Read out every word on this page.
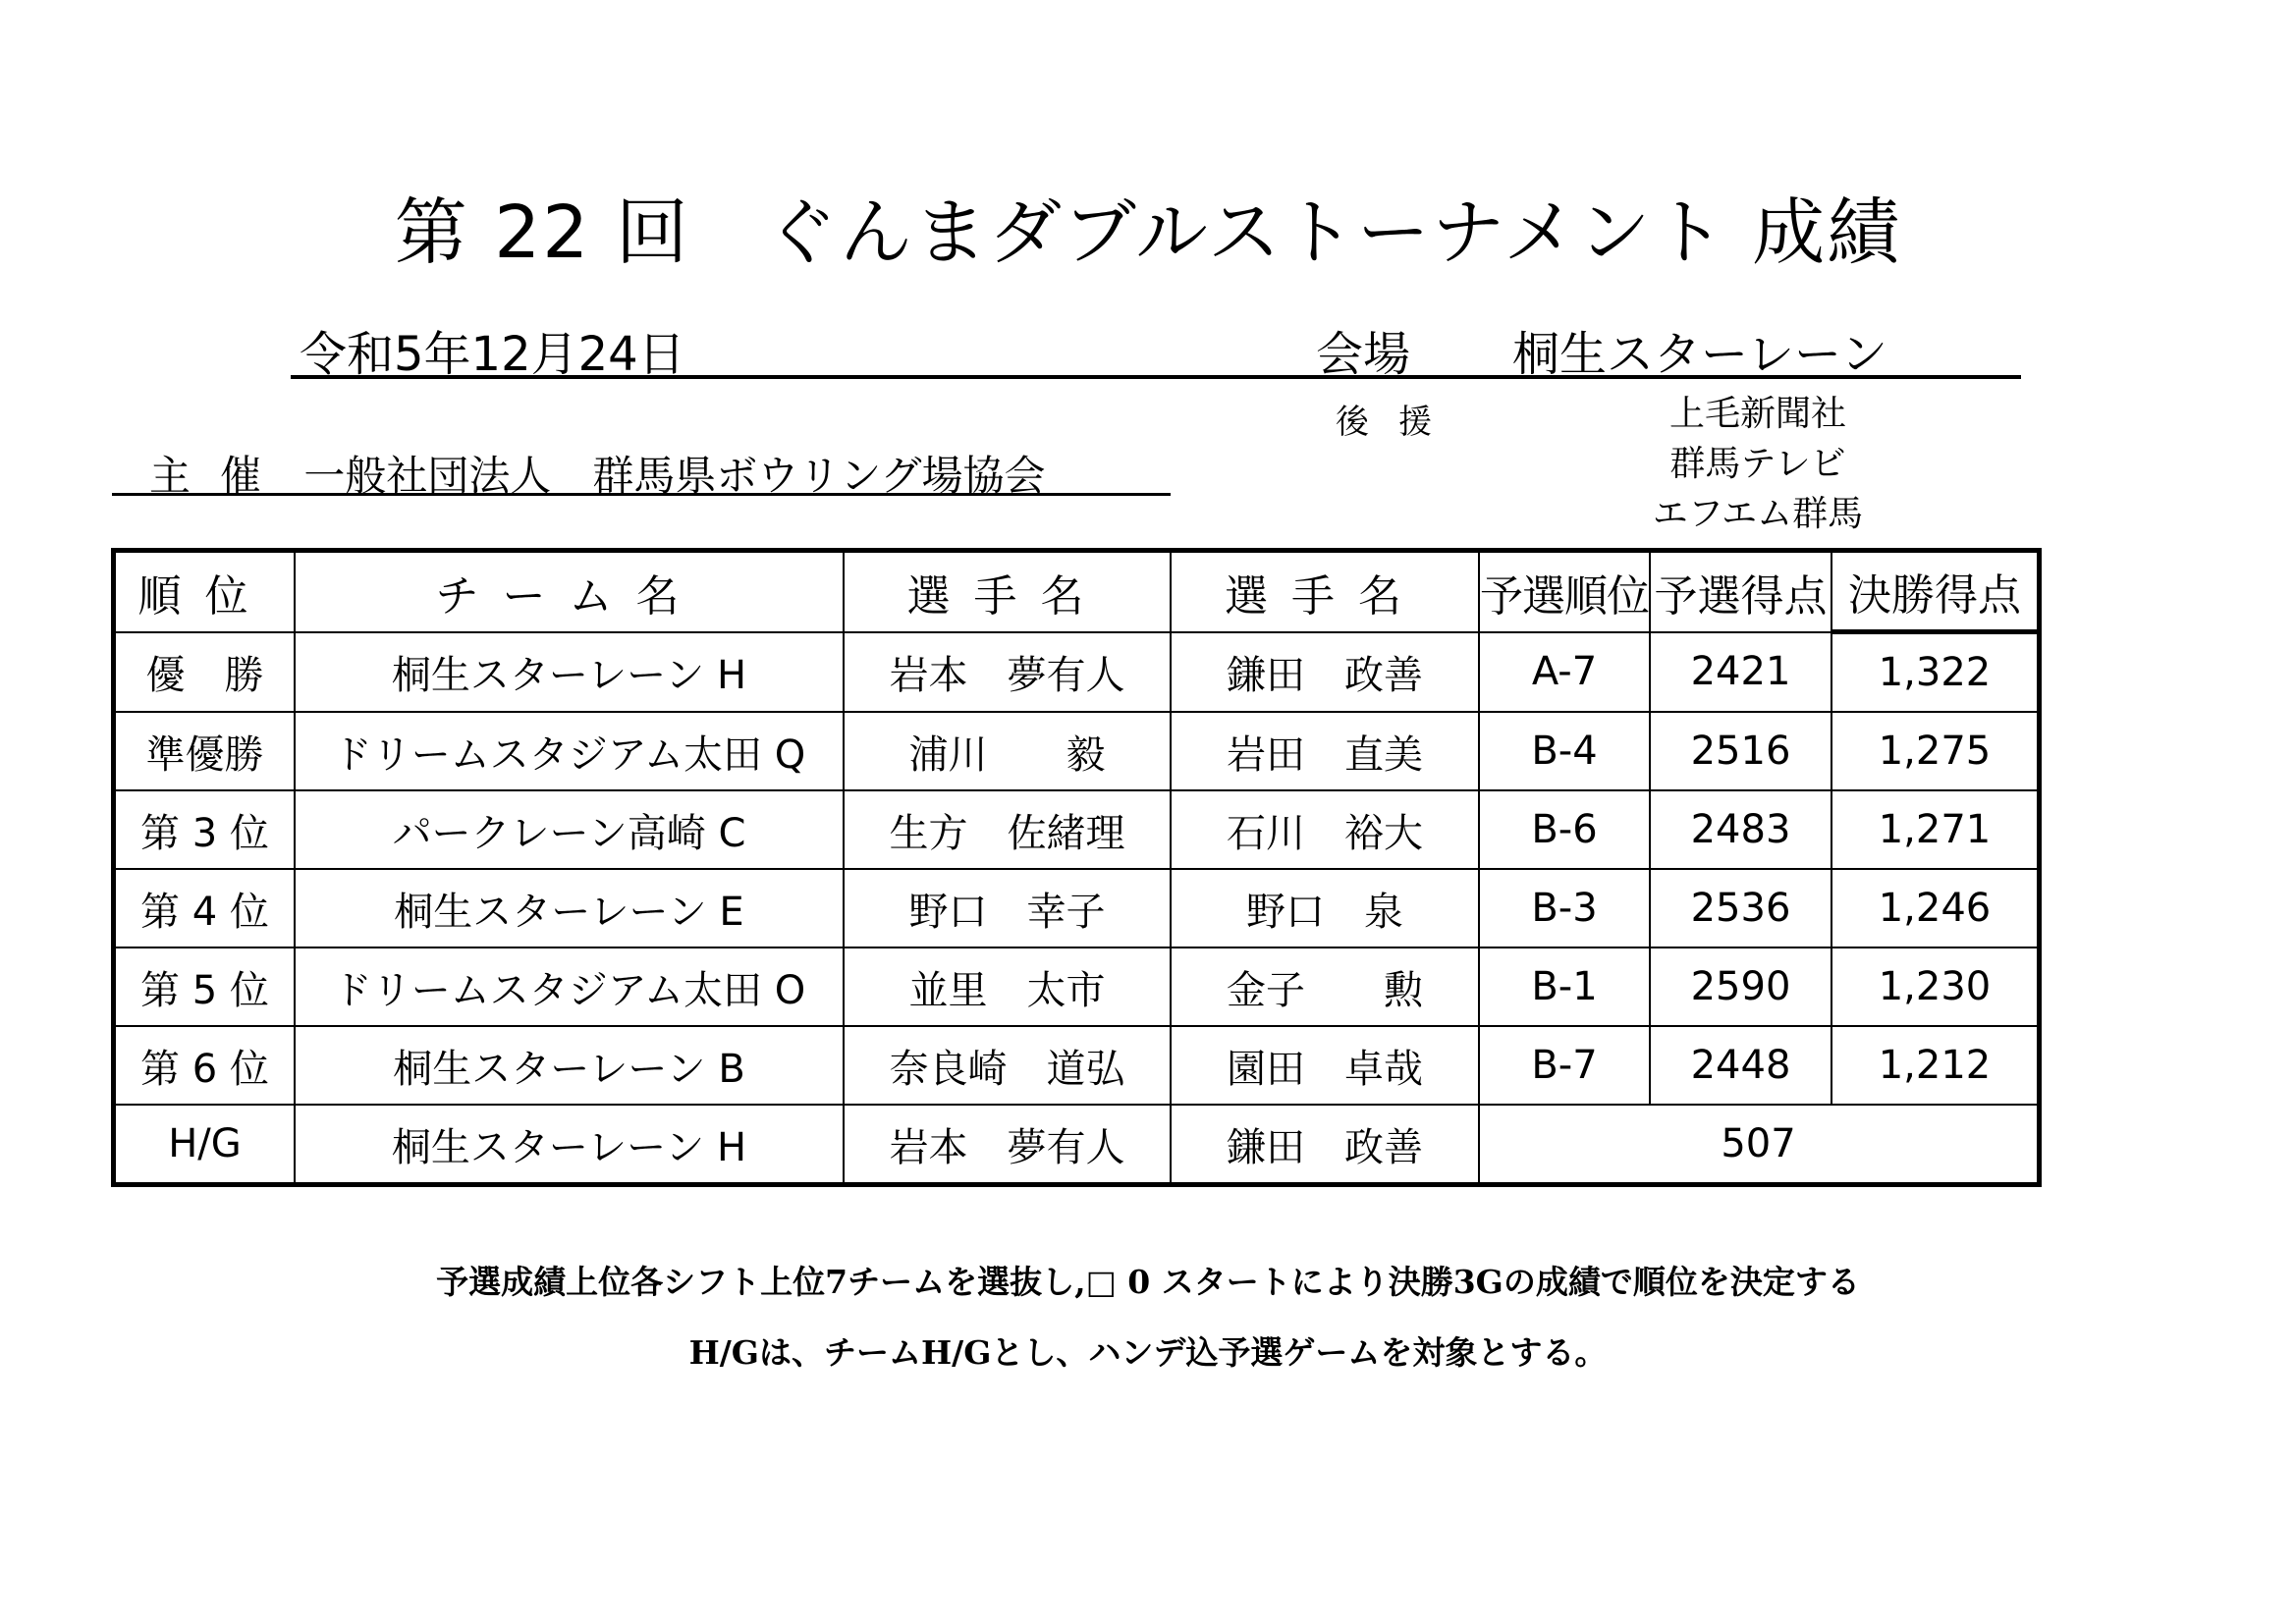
第 22 回　ぐんまダブルストーナメント 成績
令和5年12月24日	会場 桐生スターレーン
後援	上毛新聞社
群馬テレビ
エフエム群馬
主催 一般社団法人　群馬県ボウリング場協会
順位	チーム名	選手名	選手名	予選順位	予選得点	決勝得点
優　勝	桐生スターレーン H	岩本　夢有人	鎌田　政善	A-7	2421	1,322
準優勝	ドリームスタジアム太田 Q	浦川　　毅	岩田　直美	B-4	2516	1,275
第 3 位	パークレーン高崎 C	生方　佐緒理	石川　裕大	B-6	2483	1,271
第 4 位	桐生スターレーン E	野口　幸子	野口　泉	B-3	2536	1,246
第 5 位	ドリームスタジアム太田 O	並里　太市	金子　　勲	B-1	2590	1,230
第 6 位	桐生スターレーン B	奈良崎　道弘	園田　卓哉	B-7	2448	1,212
H/G	桐生スターレーン H	岩本　夢有人	鎌田　政善	507		
予選成績上位各シフト上位7チームを選抜し,□ 0 スタートにより決勝3Gの成績で順位を決定する
H/Gは、チームH/Gとし、ハンデ込予選ゲームを対象とする。
